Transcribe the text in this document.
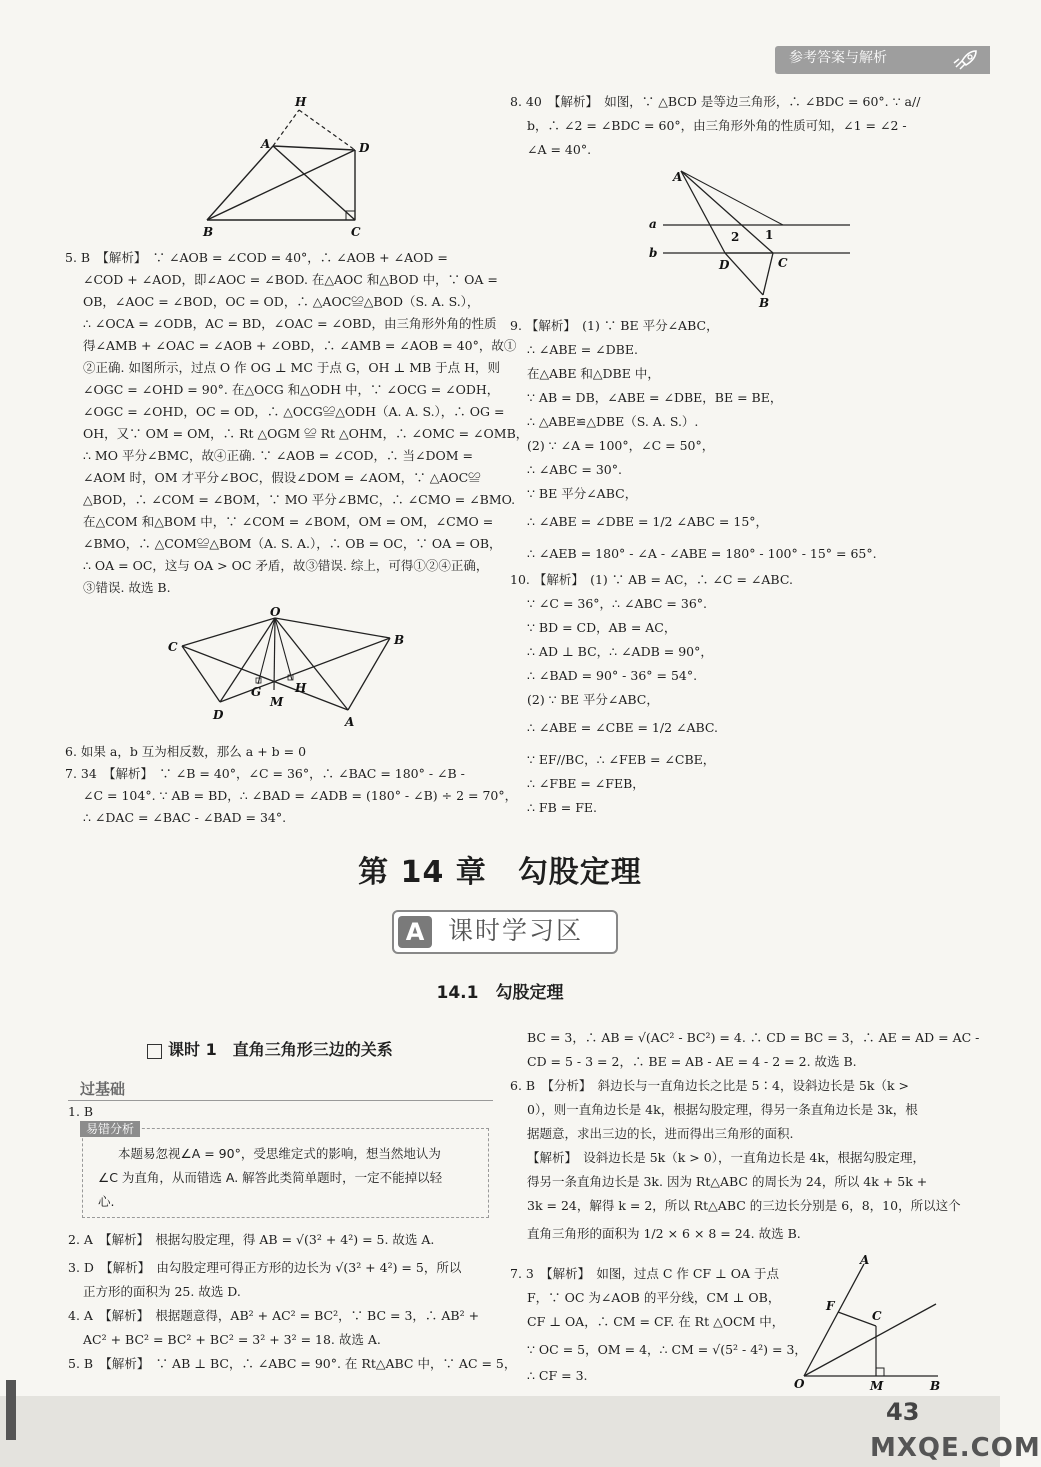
参考答案与解析
H
A	D
B	C
5. B　【解析】　∵ ∠AOB = ∠COD = 40°，∴ ∠AOB + ∠AOD =
∠COD + ∠AOD，即∠AOC = ∠BOD. 在△AOC 和△BOD 中，∵ OA =
OB，∠AOC = ∠BOD，OC = OD，∴ △AOC≌△BOD（S. A. S.），
∴ ∠OCA = ∠ODB，AC = BD，∠OAC = ∠OBD，由三角形外角的性质
得∠AMB + ∠OAC = ∠AOB + ∠OBD，∴ ∠AMB = ∠AOB = 40°，故①
②正确. 如图所示，过点 O 作 OG ⊥ MC 于点 G，OH ⊥ MB 于点 H，则
∠OGC = ∠OHD = 90°. 在△OCG 和△ODH 中，∵ ∠OCG = ∠ODH，
∠OGC = ∠OHD，OC = OD，∴ △OCG≌△ODH（A. A. S.），∴ OG =
OH，又∵ OM = OM，∴ Rt △OGM ≌ Rt △OHM，∴ ∠OMC = ∠OMB，
∴ MO 平分∠BMC，故④正确. ∵ ∠AOB = ∠COD，∴ 当∠DOM =
∠AOM 时，OM 才平分∠BOC，假设∠DOM = ∠AOM，∵ △AOC≌
△BOD，∴ ∠COM = ∠BOM，∵ MO 平分∠BMC，∴ ∠CMO = ∠BMO.
在△COM 和△BOM 中，∵ ∠COM = ∠BOM，OM = OM，∠CMO =
∠BMO，∴ △COM≌△BOM（A. S. A.），∴ OB = OC，∵ OA = OB，
∴ OA = OC，这与 OA > OC 矛盾，故③错误. 综上，可得①②④正确，
③错误. 故选 B.
O
C	B
G	H
M
D	A
6. 如果 a，b 互为相反数，那么 a + b = 0
7. 34　【解析】　∵ ∠B = 40°，∠C = 36°，∴ ∠BAC = 180° - ∠B -
∠C = 104°. ∵ AB = BD，∴ ∠BAD = ∠ADB = (180° - ∠B) ÷ 2 = 70°，
∴ ∠DAC = ∠BAC - ∠BAD = 34°.
8. 40　【解析】　如图，∵ △BCD 是等边三角形，∴ ∠BDC = 60°. ∵ a//
b，∴ ∠2 = ∠BDC = 60°，由三角形外角的性质可知，∠1 = ∠2 -
∠A = 40°.
a
b
2 1
D	C
B
A
9. 【解析】　(1) ∵ BE 平分∠ABC，
∴ ∠ABE = ∠DBE.
在△ABE 和△DBE 中，
∵ AB = DB，∠ABE = ∠DBE，BE = BE，
∴ △ABE≌△DBE（S. A. S.）.
(2) ∵ ∠A = 100°，∠C = 50°，
∴ ∠ABC = 30°.
∵ BE 平分∠ABC，
∴ ∠ABE = ∠DBE = 1/2 ∠ABC = 15°，
∴ ∠AEB = 180° - ∠A - ∠ABE = 180° - 100° - 15° = 65°.
10. 【解析】　(1) ∵ AB = AC，∴ ∠C = ∠ABC.
∵ ∠C = 36°，∴ ∠ABC = 36°.
∵ BD = CD，AB = AC，
∴ AD ⊥ BC，∴ ∠ADB = 90°，
∴ ∠BAD = 90° - 36° = 54°.
(2) ∵ BE 平分∠ABC，
∴ ∠ABE = ∠CBE = 1/2 ∠ABC.
∵ EF//BC，∴ ∠FEB = ∠CBE，
∴ ∠FBE = ∠FEB，
∴ FB = FE.
第 14 章　勾股定理
A 课时学习区
14.1　勾股定理
课时 1　直角三角形三边的关系
过基础
1. B
易错分析
本题易忽视∠A = 90°，受思维定式的影响，想当然地认为
∠C 为直角，从而错选 A. 解答此类简单题时，一定不能掉以轻
心.
2. A　【解析】　根据勾股定理，得 AB = √(3² + 4²) = 5. 故选 A.
3. D　【解析】　由勾股定理可得正方形的边长为 √(3² + 4²) = 5，所以
正方形的面积为 25. 故选 D.
4. A　【解析】　根据题意得，AB² + AC² = BC²，∵ BC = 3，∴ AB² +
AC² + BC² = BC² + BC² = 3² + 3² = 18. 故选 A.
5. B　【解析】　∵ AB ⊥ BC，∴ ∠ABC = 90°. 在 Rt△ABC 中，∵ AC = 5，
BC = 3，∴ AB = √(AC² - BC²) = 4. ∴ CD = BC = 3，∴ AE = AD = AC -
CD = 5 - 3 = 2，∴ BE = AB - AE = 4 - 2 = 2. 故选 B.
6. B　【分析】　斜边长与一直角边长之比是 5∶4，设斜边长是 5k（k >
0），则一直角边长是 4k，根据勾股定理，得另一条直角边长是 3k，根
据题意，求出三边的长，进而得出三角形的面积.
【解析】　设斜边长是 5k（k > 0），一直角边长是 4k，根据勾股定理，
得另一条直角边长是 3k. 因为 Rt△ABC 的周长为 24，所以 4k + 5k +
3k = 24，解得 k = 2，所以 Rt△ABC 的三边长分别是 6，8，10，所以这个
直角三角形的面积为 1/2 × 6 × 8 = 24. 故选 B.
7. 3　【解析】　如图，过点 C 作 CF ⊥ OA 于点
F，∵ OC 为∠AOB 的平分线，CM ⊥ OB，
CF ⊥ OA，∴ CM = CF. 在 Rt △OCM 中，
∵ OC = 5，OM = 4，∴ CM = √(5² - 4²) = 3，
∴ CF = 3.
A
F
C
O	M	B
43
MXQE.COM
